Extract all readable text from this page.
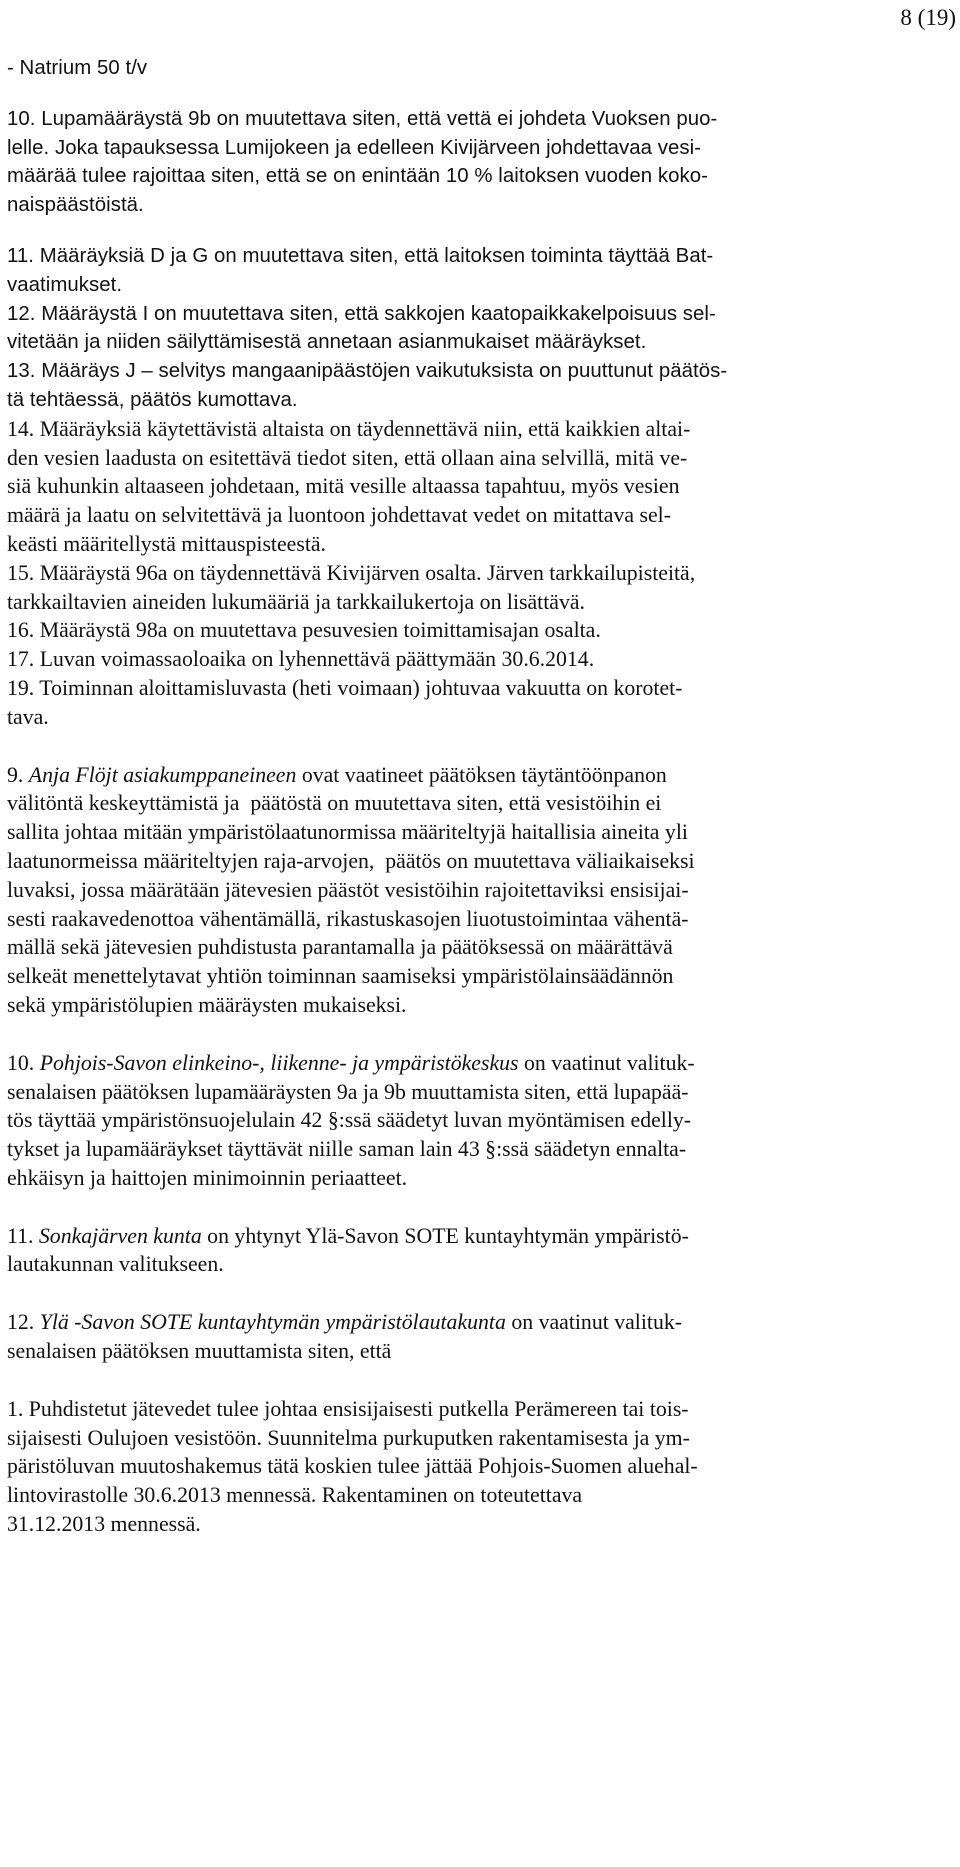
8 (19)
- Natrium 50 t/v
10. Lupamääräystä 9b on muutettava siten, että vettä ei johdeta Vuoksen puo-
lelle. Joka tapauksessa Lumijokeen ja edelleen Kivijärveen johdettavaa vesi-
määrää tulee rajoittaa siten, että se on enintään 10 % laitoksen vuoden koko-
naispäästöistä.
11. Määräyksiä D ja G on muutettava siten, että laitoksen toiminta täyttää Bat-
vaatimukset.
12. Määräystä I on muutettava siten, että sakkojen kaatopaikkakelpoisuus sel-
vitetään ja niiden säilyttämisestä annetaan asianmukaiset määräykset.
13. Määräys J – selvitys mangaanipäästöjen vaikutuksista on puuttunut päätös-
tä tehtäessä, päätös kumottava.
14. Määräyksiä käytettävistä altaista on täydennettävä niin, että kaikkien altai-
den vesien laadusta on esitettävä tiedot siten, että ollaan aina selvillä, mitä ve-
siä kuhunkin altaaseen johdetaan, mitä vesille altaassa tapahtuu, myös vesien
määrä ja laatu on selvitettävä ja luontoon johdettavat vedet on mitattava sel-
keästi määritellystä mittauspisteestä.
15. Määräystä 96a on täydennettävä Kivijärven osalta. Järven tarkkailupisteitä,
tarkkailtavien aineiden lukumääriä ja tarkkailukertoja on lisättävä.
16. Määräystä 98a on muutettava pesuvesien toimittamisajan osalta.
17. Luvan voimassaoloaika on lyhennettävä päättymään 30.6.2014.
19. Toiminnan aloittamisluvasta (heti voimaan) johtuvaa vakuutta on korotet-
tava.
9. Anja Flöjt asiakumppaneineen ovat vaatineet päätöksen täytäntöönpanon
välitöntä keskeyttämistä ja  päätöstä on muutettava siten, että vesistöihin ei
sallita johtaa mitään ympäristölaatunormissa määriteltyjä haitallisia aineita yli
laatunormeissa määriteltyjen raja-arvojen,  päätös on muutettava väliaikaiseksi
luvaksi, jossa määrätään jätevesien päästöt vesistöihin rajoitettaviksi ensisijai-
sesti raakavedenottoa vähentämällä, rikastuskasojen liuotustoimintaa vähentä-
mällä sekä jätevesien puhdistusta parantamalla ja päätöksessä on määrättävä
selkeät menettelytavat yhtiön toiminnan saamiseksi ympäristölainsäädännön
sekä ympäristölupien määräysten mukaiseksi.
10. Pohjois-Savon elinkeino-, liikenne- ja ympäristökeskus on vaatinut valituk-
senalaisen päätöksen lupamääräysten 9a ja 9b muuttamista siten, että lupapää-
tös täyttää ympäristönsuojelulain 42 §:ssä säädetyt luvan myöntämisen edelly-
tykset ja lupamääräykset täyttävät niille saman lain 43 §:ssä säädetyn ennalta-
ehkäisyn ja haittojen minimoinnin periaatteet.
11. Sonkajärven kunta on yhtynyt Ylä-Savon SOTE kuntayhtymän ympäristö-
lautakunnan valitukseen.
12. Ylä -Savon SOTE kuntayhtymän ympäristölautakunta on vaatinut valituk-
senalaisen päätöksen muuttamista siten, että
1. Puhdistetut jätevedet tulee johtaa ensisijaisesti putkella Perämereen tai tois-
sijaisesti Oulujoen vesistöön. Suunnitelma purkuputken rakentamisesta ja ym-
päristöluvan muutoshakemus tätä koskien tulee jättää Pohjois-Suomen aluehal-
lintovirastolle 30.6.2013 mennessä. Rakentaminen on toteutettava
31.12.2013 mennessä.
